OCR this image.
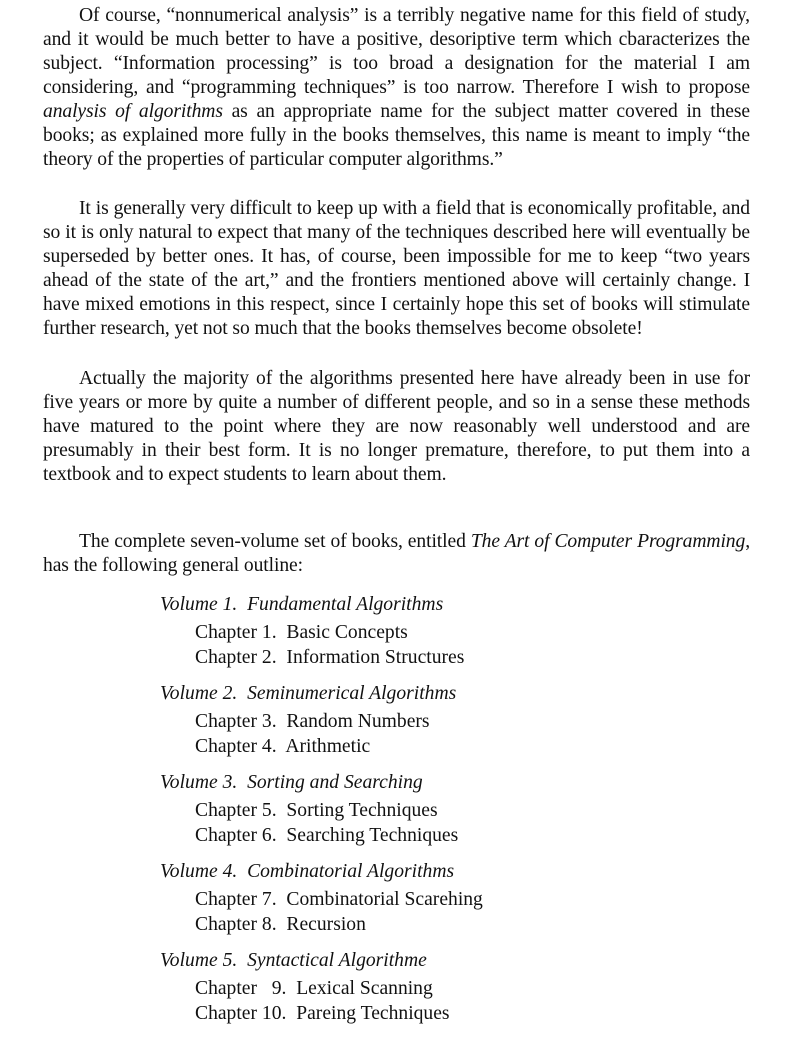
Of course, “nonnumerical analysis” is a terribly negative name for this field of study, and it would be much better to have a positive, desoriptive term which cbaracterizes the subject. “Information processing” is too broad a designation for the material I am considering, and “programming techniques” is too narrow. Therefore I wish to propose analysis of algorithms as an appropriate name for the subject matter covered in these books; as explained more fully in the books themselves, this name is meant to imply “the theory of the properties of particular computer algorithms.”

It is generally very difficult to keep up with a field that is economically profitable, and so it is only natural to expect that many of the techniques described here will eventually be superseded by better ones. It has, of course, been impossible for me to keep “two years ahead of the state of the art,” and the frontiers mentioned above will certainly change. I have mixed emotions in this respect, since I certainly hope this set of books will stimulate further research, yet not so much that the books themselves become obsolete!

Actually the majority of the algorithms presented here have already been in use for five years or more by quite a number of different people, and so in a sense these methods have matured to the point where they are now reasonably well understood and are presumably in their best form. It is no longer premature, therefore, to put them into a textbook and to expect students to learn about them.

The complete seven-volume set of books, entitled The Art of Computer Programming, has the following general outline:

Volume 1.  Fundamental Algorithms
Chapter 1.  Basic Concepts
Chapter 2.  Information Structures
Volume 2.  Seminumerical Algorithms
Chapter 3.  Random Numbers
Chapter 4.  Arithmetic
Volume 3.  Sorting and Searching
Chapter 5.  Sorting Techniques
Chapter 6.  Searching Techniques
Volume 4.  Combinatorial Algorithms
Chapter 7.  Combinatorial Scarehing
Chapter 8.  Recursion
Volume 5.  Syntactical Algorithme
Chapter   9.  Lexical Scanning
Chapter 10.  Pareing Techniques
